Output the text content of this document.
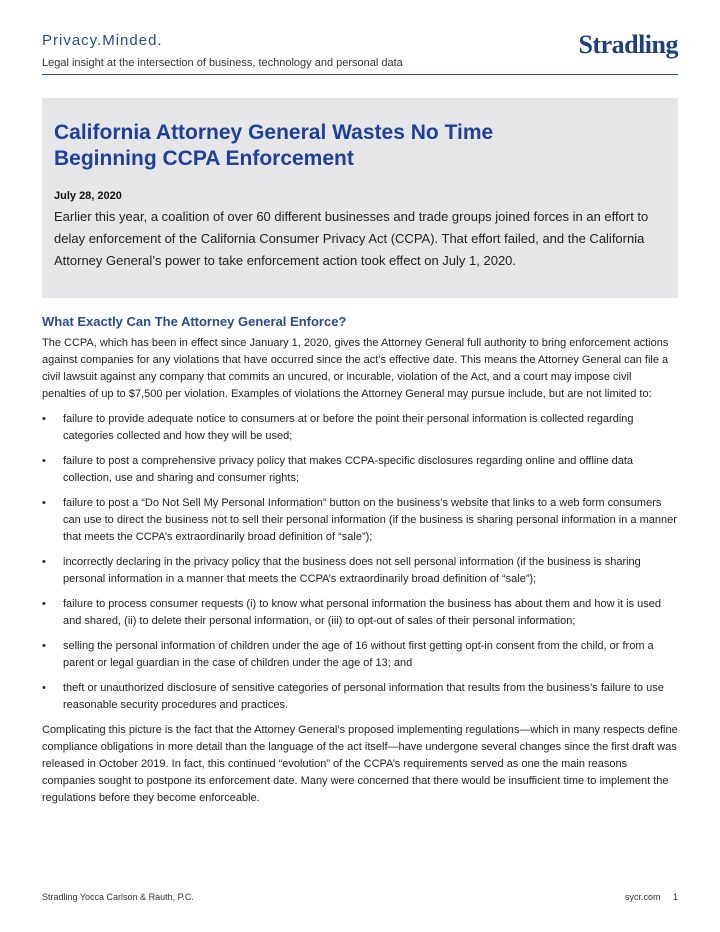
Privacy.Minded.
Legal insight at the intersection of business, technology and personal data
Stradling
California Attorney General Wastes No Time Beginning CCPA Enforcement
July 28, 2020
Earlier this year, a coalition of over 60 different businesses and trade groups joined forces in an effort to delay enforcement of the California Consumer Privacy Act (CCPA). That effort failed, and the California Attorney General’s power to take enforcement action took effect on July 1, 2020.
What Exactly Can The Attorney General Enforce?

The CCPA, which has been in effect since January 1, 2020, gives the Attorney General full authority to bring enforcement actions against companies for any violations that have occurred since the act’s effective date. This means the Attorney General can file a civil lawsuit against any company that commits an uncured, or incurable, violation of the Act, and a court may impose civil penalties of up to $7,500 per violation. Examples of violations the Attorney General may pursue include, but are not limited to:

• failure to provide adequate notice to consumers at or before the point their personal information is collected regarding categories collected and how they will be used;
• failure to post a comprehensive privacy policy that makes CCPA-specific disclosures regarding online and offline data collection, use and sharing and consumer rights;
• failure to post a “Do Not Sell My Personal Information” button on the business’s website that links to a web form consumers can use to direct the business not to sell their personal information (if the business is sharing personal information in a manner that meets the CCPA’s extraordinarily broad definition of “sale”);
• incorrectly declaring in the privacy policy that the business does not sell personal information (if the business is sharing personal information in a manner that meets the CCPA’s extraordinarily broad definition of “sale”);
• failure to process consumer requests (i) to know what personal information the business has about them and how it is used and shared, (ii) to delete their personal information, or (iii) to opt-out of sales of their personal information;
• selling the personal information of children under the age of 16 without first getting opt-in consent from the child, or from a parent or legal guardian in the case of children under the age of 13; and
• theft or unauthorized disclosure of sensitive categories of personal information that results from the business’s failure to use reasonable security procedures and practices.

Complicating this picture is the fact that the Attorney General’s proposed implementing regulations—which in many respects define compliance obligations in more detail than the language of the act itself—have undergone several changes since the first draft was released in October 2019. In fact, this continued “evolution” of the CCPA’s requirements served as one the main reasons companies sought to postpone its enforcement date. Many were concerned that there would be insufficient time to implement the regulations before they become enforceable.

Stradling Yocca Carlson & Rauth, P.C.	sycr.com 1
